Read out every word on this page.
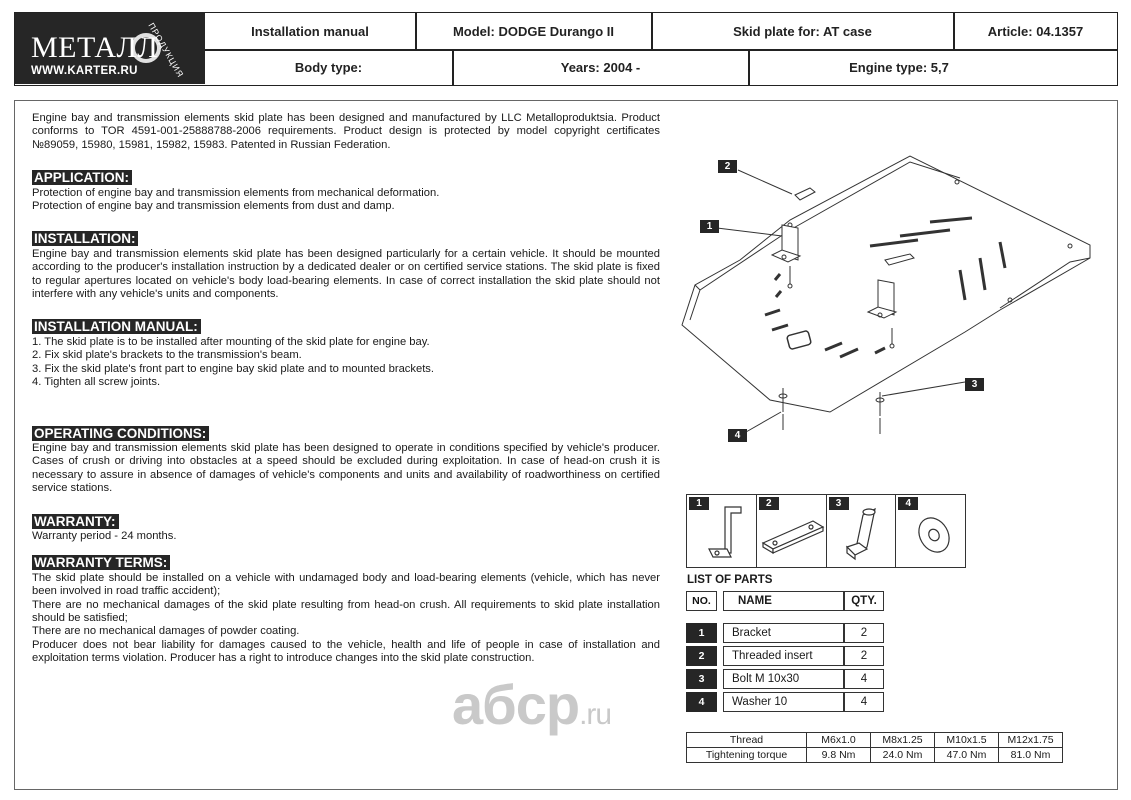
МЕТАЛЛ
ПРОДУКЦИЯ
WWW.KARTER.RU
Installation manual	Model: DODGE Durango II	Skid plate for: AT case	Article: 04.1357
Body type:	Years: 2004 -	Engine type: 5,7

Engine bay and transmission elements skid plate has been designed and manufactured by LLC Metalloproduktsia. Product conforms to TOR 4591-001-25888788-2006 requirements. Product design is protected by model copyright certificates №89059, 15980, 15981, 15982, 15983. Patented in Russian Federation.

APPLICATION:

Protection of engine bay and transmission elements from mechanical deformation.

Protection of engine bay and transmission elements from dust and damp.

INSTALLATION:

Engine bay and transmission elements skid plate has been designed particularly for a certain vehicle. It should be mounted according to the producer's installation instruction by a dedicated dealer or on certified service stations. The skid plate is fixed to regular apertures located on vehicle's body load-bearing elements. In case of correct installation the skid plate should not interfere with any vehicle's units and components.

INSTALLATION MANUAL:

1. The skid plate is to be installed after mounting of the skid plate for engine bay.

2. Fix skid plate's brackets to the transmission's beam.

3. Fix the skid plate's front part to engine bay skid plate and to mounted brackets.

4. Tighten all screw joints.

OPERATING CONDITIONS:

Engine bay and transmission elements skid plate has been designed to operate in conditions specified by vehicle's producer. Cases of crush or driving into obstacles at a speed should be excluded during exploitation. In case of head-on crush it is necessary to assure in absence of damages of vehicle's components and units and availability of roadworthiness on certified service stations.

WARRANTY:

Warranty period - 24 months.

WARRANTY TERMS:

The skid plate should be installed on a vehicle with undamaged body and load-bearing elements (vehicle, which has never been involved in road traffic accident);

There are no mechanical damages of the skid plate resulting from head-on crush. All requirements to skid plate installation should be satisfied;

There are no mechanical damages of powder coating.

Producer does not bear liability for damages caused to the vehicle, health and life of people in case of installation and exploitation terms violation. Producer has a right to introduce changes into the skid plate construction.

2
1
3
4
1	2	3	4
LIST OF PARTS
NO.		NAME	QTY.

1		Bracket	2
2		Threaded insert	2
3		Bolt M 10x30	4
4		Washer 10	4
Thread	M6x1.0	M8x1.25	M10x1.5	M12x1.75
Tightening torque	9.8 Nm	24.0 Nm	47.0 Nm	81.0 Nm
aбcp.ru
